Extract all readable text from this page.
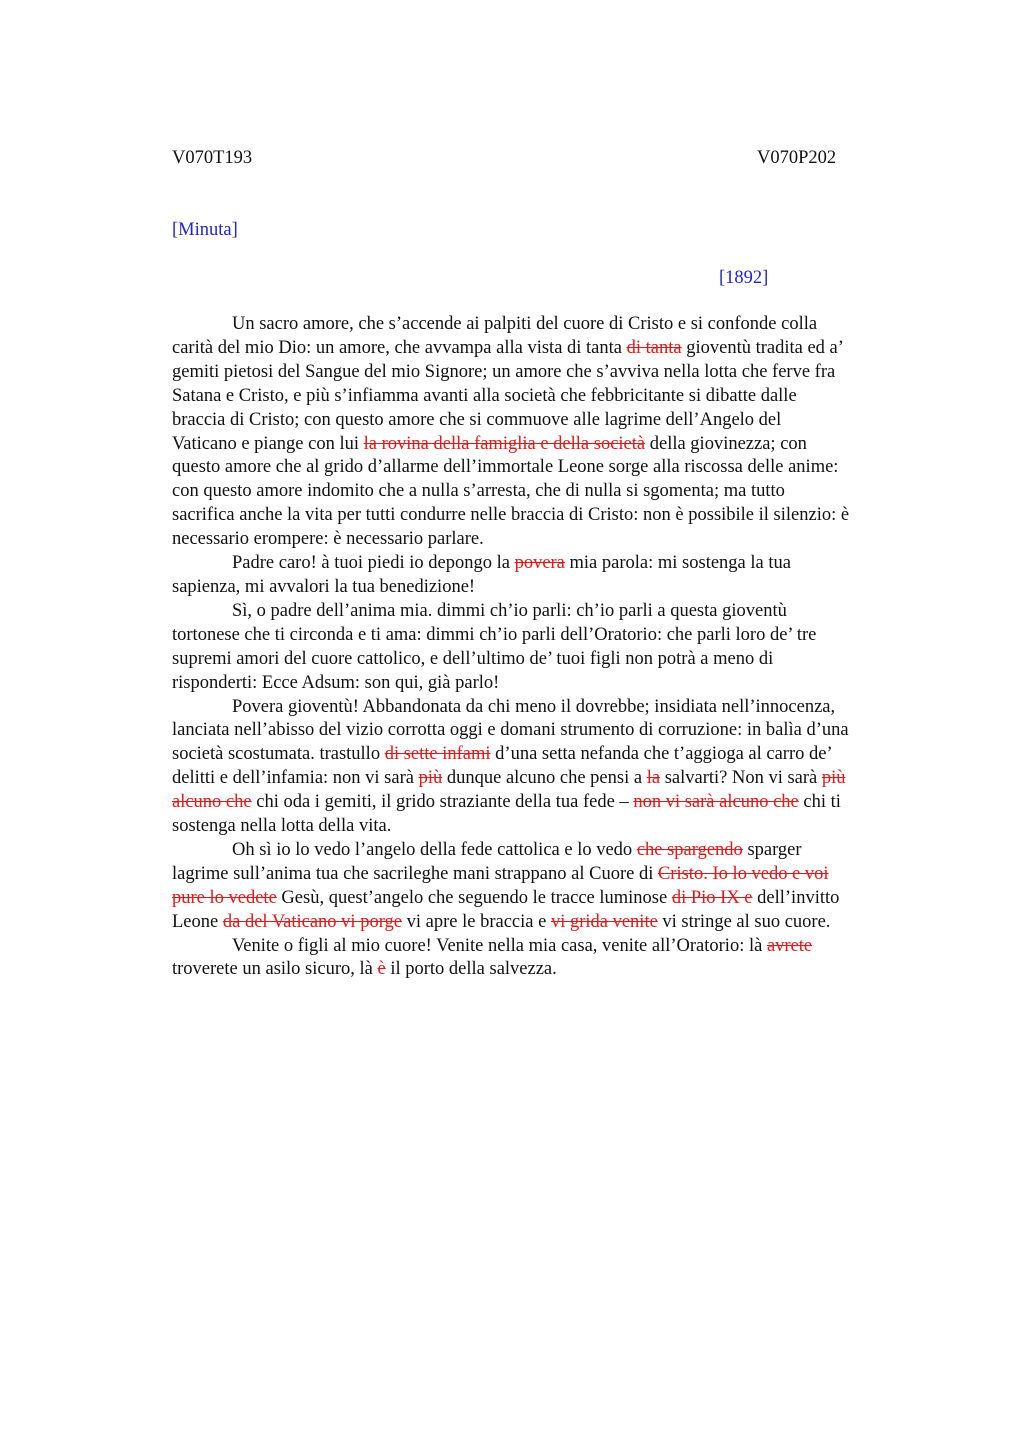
V070T193	V070P202
[Minuta]
[1892]
Un sacro amore, che s’accende ai palpiti del cuore di Cristo e si confonde colla
carità del mio Dio: un amore, che avvampa alla vista di tanta di tanta gioventù tradita ed a’
gemiti pietosi del Sangue del mio Signore; un amore che s’avviva nella lotta che ferve fra
Satana e Cristo, e più s’infiamma avanti alla società che febbricitante si dibatte dalle
braccia di Cristo; con questo amore che si commuove alle lagrime dell’Angelo del
Vaticano e piange con lui la rovina della famiglia e della società della giovinezza; con
questo amore che al grido d’allarme dell’immortale Leone sorge alla riscossa delle anime:
con questo amore indomito che a nulla s’arresta, che di nulla si sgomenta; ma tutto
sacrifica anche la vita per tutti condurre nelle braccia di Cristo: non è possibile il silenzio: è
necessario erompere: è necessario parlare.
Padre caro! à tuoi piedi io depongo la povera mia parola: mi sostenga la tua
sapienza, mi avvalori la tua benedizione!
Sì, o padre dell’anima mia. dimmi ch’io parli: ch’io parli a questa gioventù
tortonese che ti circonda e ti ama: dimmi ch’io parli dell’Oratorio: che parli loro de’ tre
supremi amori del cuore cattolico, e dell’ultimo de’ tuoi figli non potrà a meno di
risponderti: Ecce Adsum: son qui, già parlo!
Povera gioventù! Abbandonata da chi meno il dovrebbe; insidiata nell’innocenza,
lanciata nell’abisso del vizio corrotta oggi e domani strumento di corruzione: in balìa d’una
società scostumata. trastullo di sette infami d’una setta nefanda che t’aggioga al carro de’
delitti e dell’infamia: non vi sarà più dunque alcuno che pensi a la salvarti? Non vi sarà più
alcuno che chi oda i gemiti, il grido straziante della tua fede – non vi sarà alcuno che chi ti
sostenga nella lotta della vita.
Oh sì io lo vedo l’angelo della fede cattolica e lo vedo che spargendo sparger
lagrime sull’anima tua che sacrileghe mani strappano al Cuore di Cristo. Io lo vedo e voi
pure lo vedete Gesù, quest’angelo che seguendo le tracce luminose di Pio IX e dell’invitto
Leone da del Vaticano vi porge vi apre le braccia e vi grida venite vi stringe al suo cuore.
Venite o figli al mio cuore! Venite nella mia casa, venite all’Oratorio: là avrete
troverete un asilo sicuro, là è il porto della salvezza.
